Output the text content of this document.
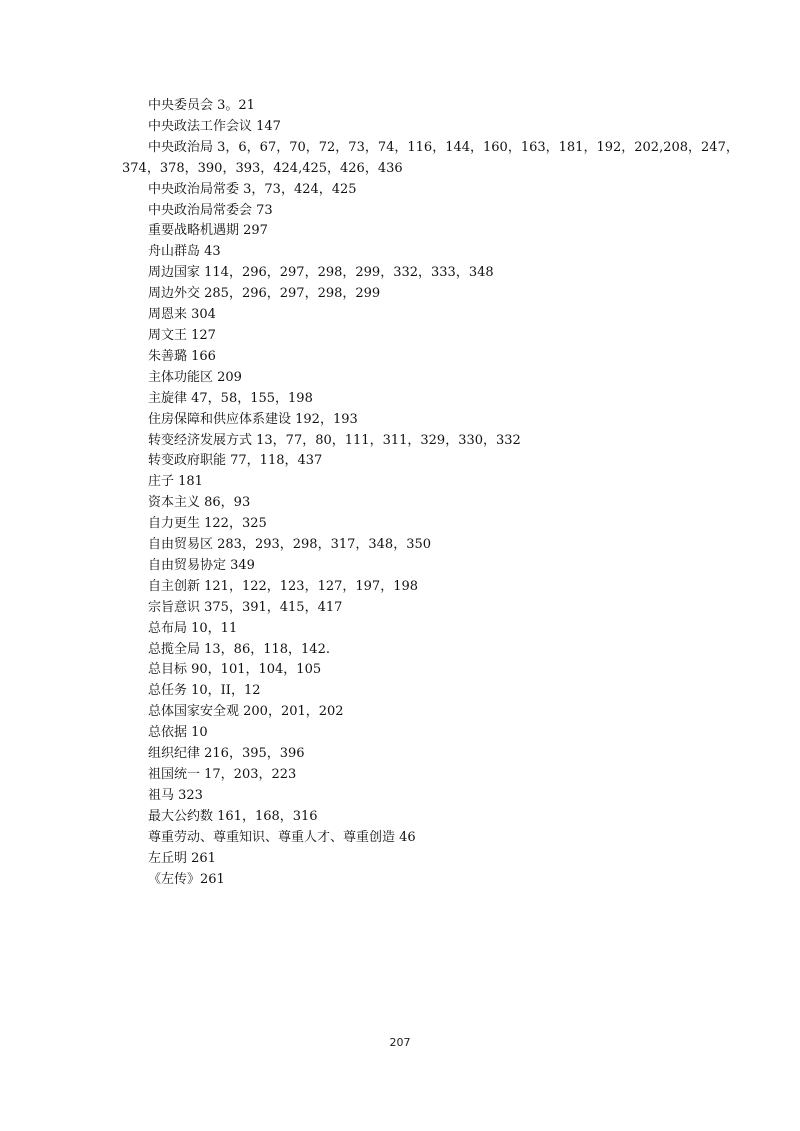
中央委员会 3。21
中央政法工作会议 147
中央政治局 3，6，67，70，72，73，74，116，144，160，163，181，192，202,208，247，
374，378，390，393，424,425，426，436
中央政治局常委 3，73，424，425
中央政治局常委会 73
重要战略机遇期 297
舟山群岛 43
周边国家 114，296，297，298，299，332，333，348
周边外交 285，296，297，298，299
周恩来 304
周文王 127
朱善璐 166
主体功能区 209
主旋律 47，58，155，198
住房保障和供应体系建设 192，193
转变经济发展方式 13，77，80，111，311，329，330，332
转变政府职能 77，118，437
庄子 181
资本主义 86，93
自力更生 122，325
自由贸易区 283，293，298，317，348，350
自由贸易协定 349
自主创新 121，122，123，127，197，198
宗旨意识 375，391，415，417
总布局 10，11
总揽全局 13，86，118，142.
总目标 90，101，104，105
总任务 10，II，12
总体国家安全观 200，201，202
总依据 10
组织纪律 216，395，396
祖国统一 17，203，223
祖马 323
最大公约数 161，168，316
尊重劳动、尊重知识、尊重人才、尊重创造 46
左丘明 261
《左传》261
207
